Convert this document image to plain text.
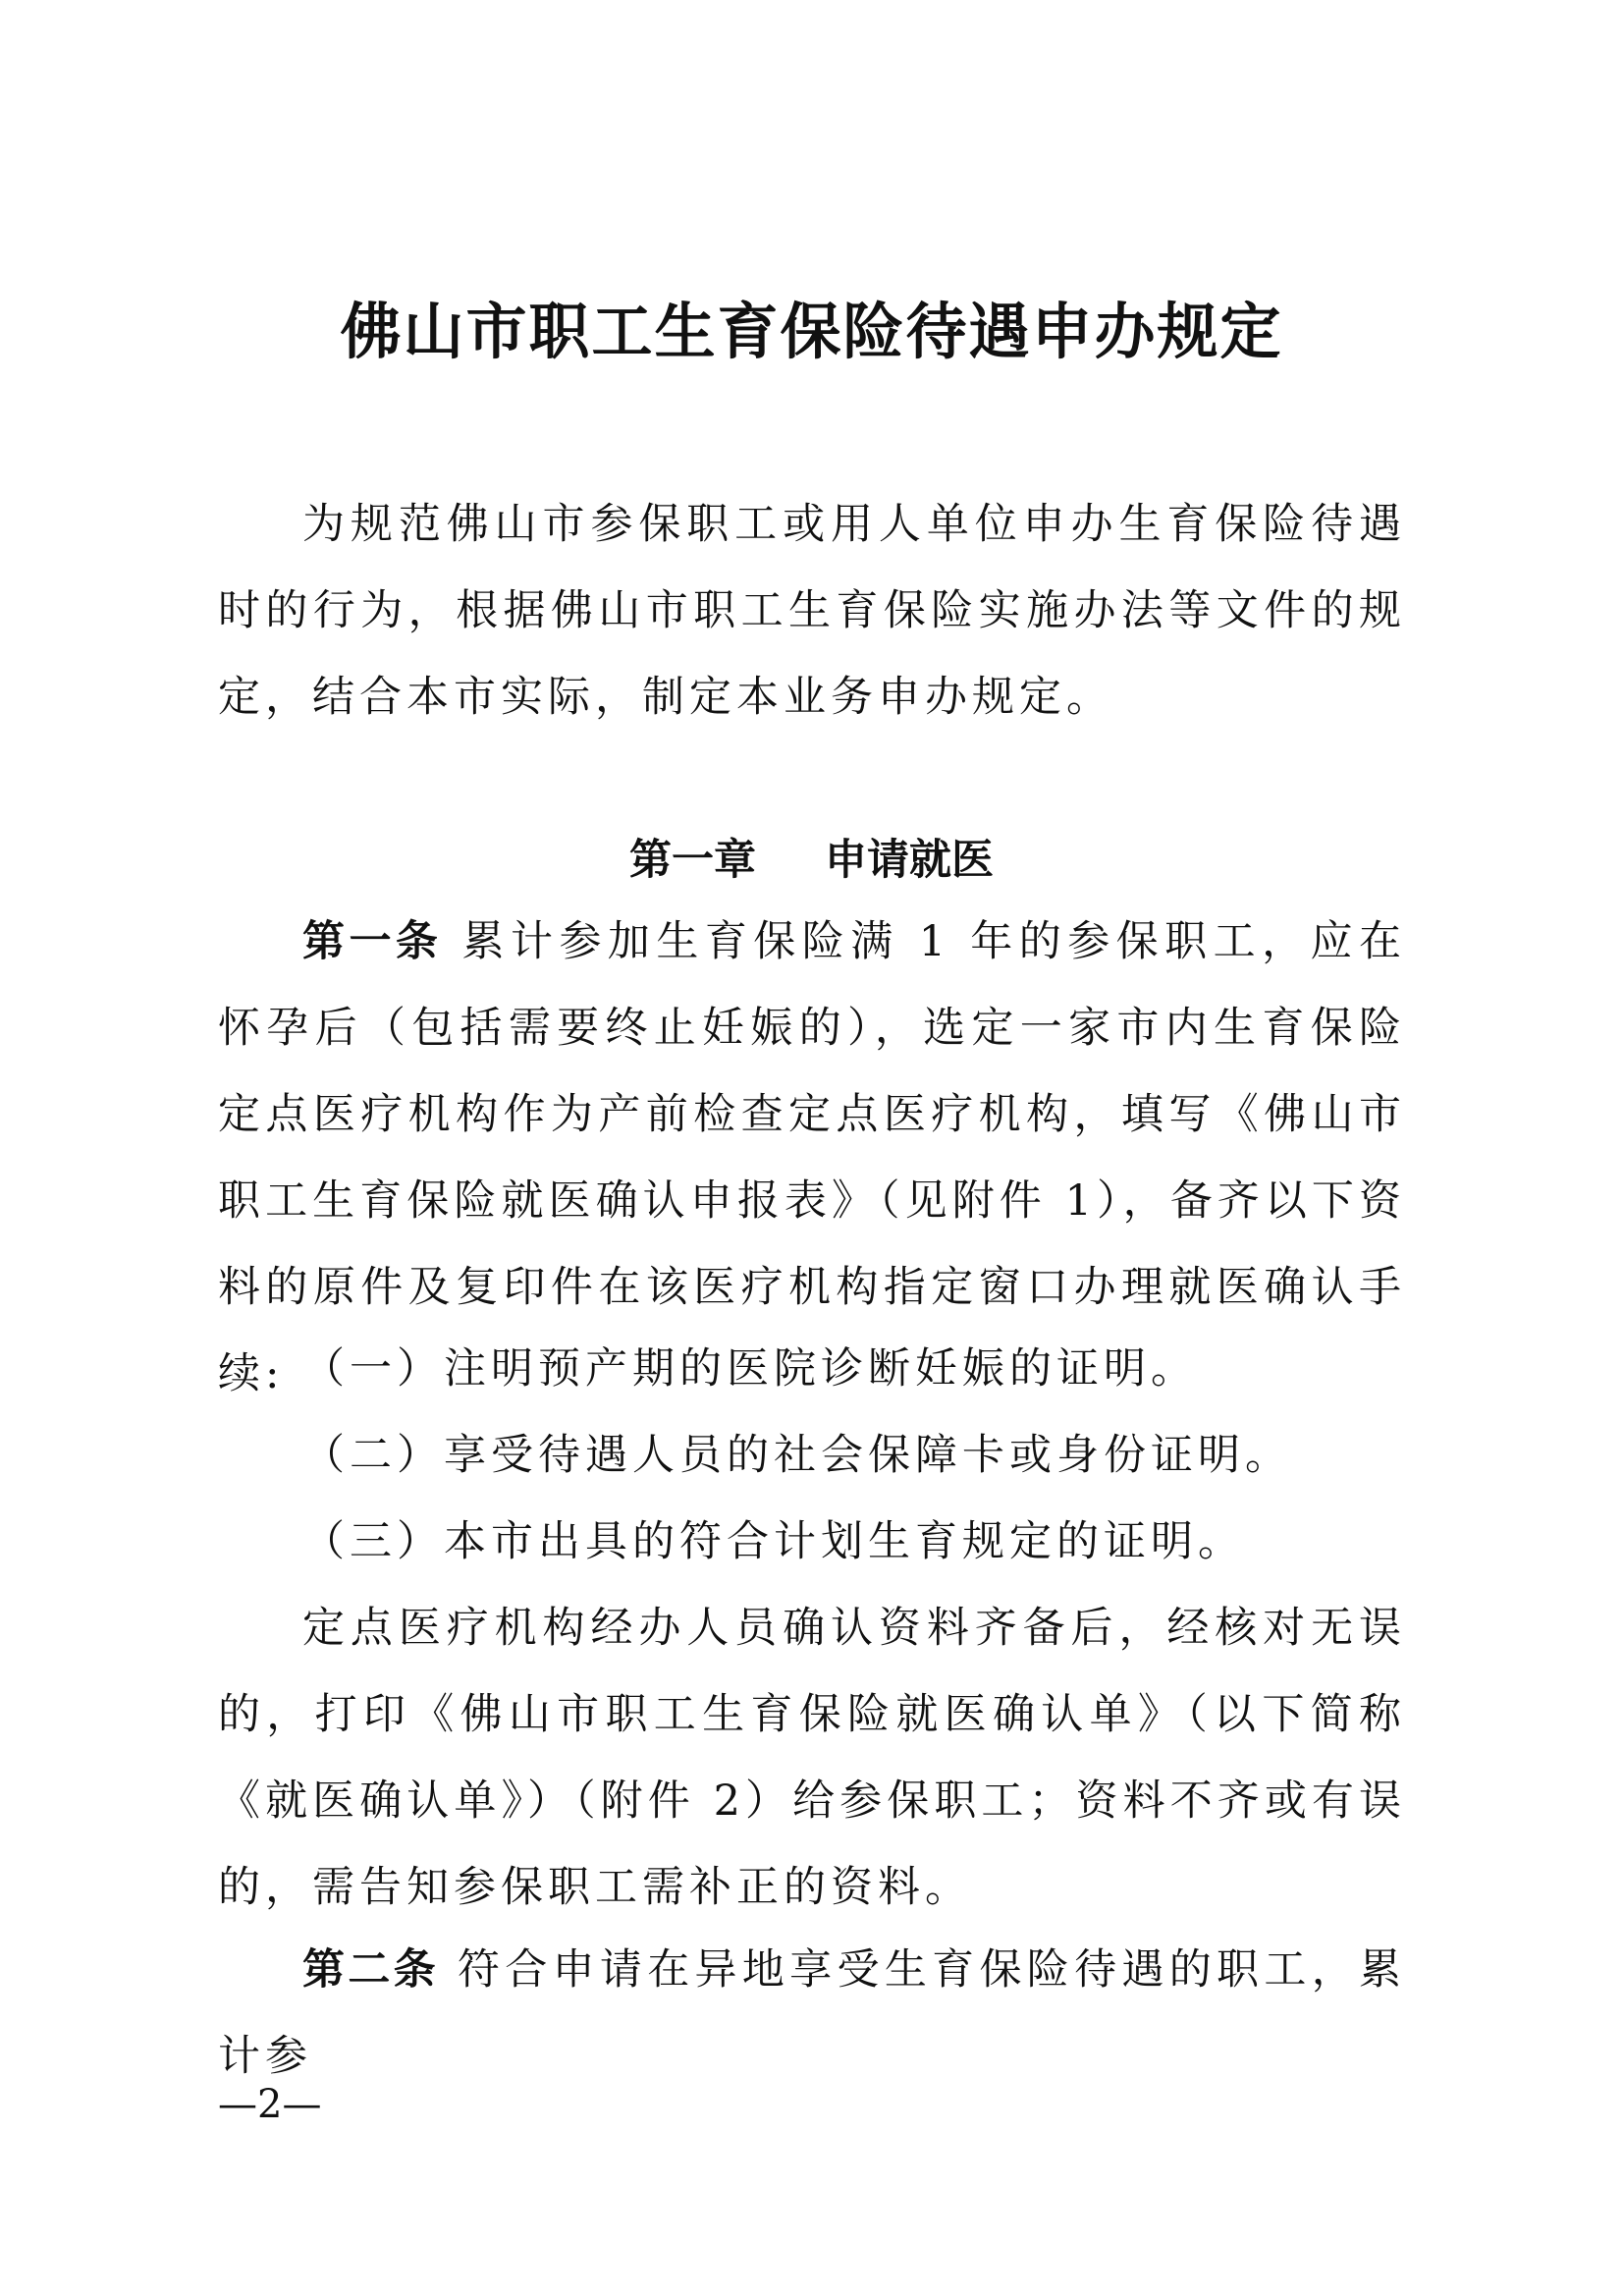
佛山市职工生育保险待遇申办规定

为规范佛山市参保职工或用人单位申办生育保险待遇时的行为，根据佛山市职工生育保险实施办法等文件的规定，结合本市实际，制定本业务申办规定。

第一章 申请就医

第一条 累计参加生育保险满 1 年的参保职工，应在怀孕后（包括需要终止妊娠的），选定一家市内生育保险定点医疗机构作为产前检查定点医疗机构，填写《佛山市职工生育保险就医确认申报表》（见附件 1），备齐以下资料的原件及复印件在该医疗机构指定窗口办理就医确认手续: （一）注明预产期的医院诊断妊娠的证明。

（二）享受待遇人员的社会保障卡或身份证明。

（三）本市出具的符合计划生育规定的证明。

定点医疗机构经办人员确认资料齐备后，经核对无误的，打印《佛山市职工生育保险就医确认单》（以下简称《就医确认单》）（附件 2）给参保职工；资料不齐或有误的，需告知参保职工需补正的资料。

第二条 符合申请在异地享受生育保险待遇的职工，累计参

—2—
